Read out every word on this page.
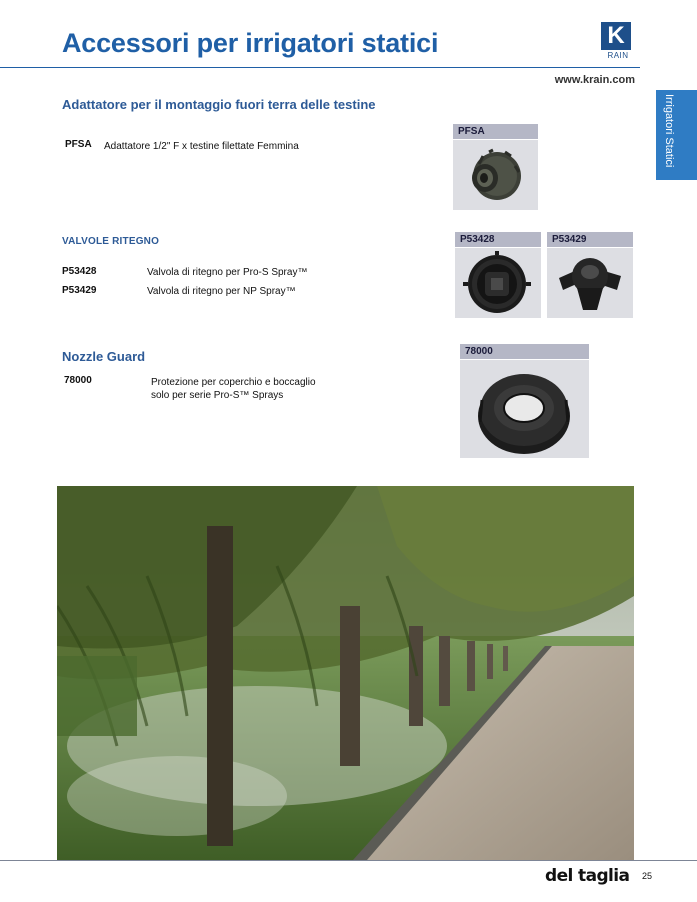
Accessori per irrigatori statici	K
RAIN
www.krain.com
Irrigatori Statici
Adattatore per il montaggio fuori terra delle testine
PFSA Adattatore 1/2" F x testine filettate Femmina
PFSA
VALVOLE RITEGNO
P53428	Valvola di ritegno per Pro-S Spray™
P53429	Valvola di ritegno per NP Spray™
P53428	P53429
Nozzle Guard
78000	Protezione per coperchio e boccaglio
solo per serie Pro-S™ Sprays
78000
del taglia 25
